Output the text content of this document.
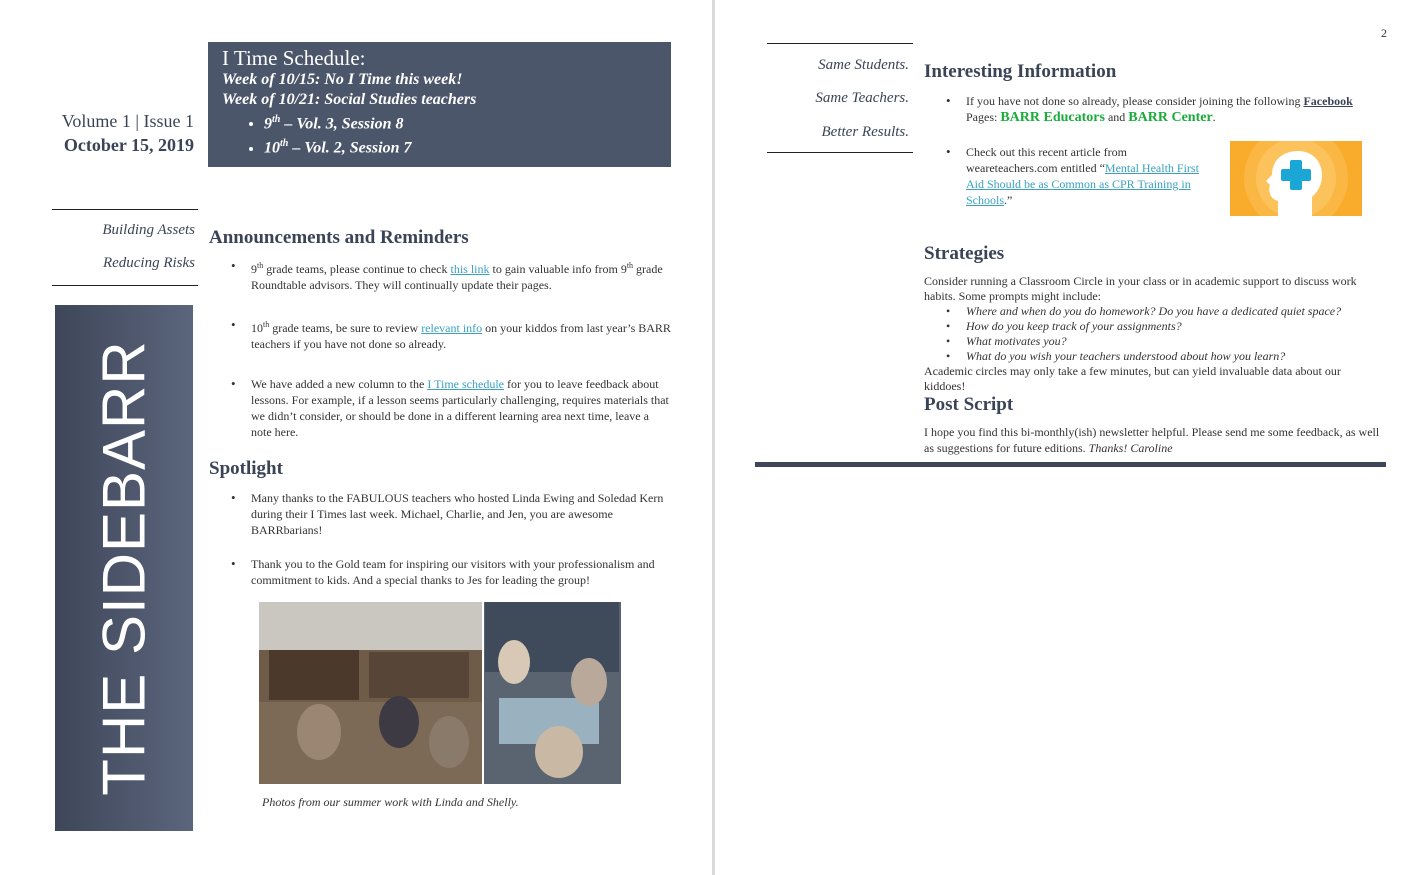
I Time Schedule:
Week of 10/15: No I Time this week!
Week of 10/21: Social Studies teachers
• 9th – Vol. 3, Session 8
• 10th – Vol. 2, Session 7
Volume 1 | Issue 1
October 15, 2019
Building Assets
Reducing Risks
THE SIDEBARR
Announcements and Reminders
• 9th grade teams, please continue to check this link to gain valuable info from 9th grade Roundtable advisors. They will continually update their pages.
• 10th grade teams, be sure to review relevant info on your kiddos from last year’s BARR teachers if you have not done so already.
• We have added a new column to the I Time schedule for you to leave feedback about lessons. For example, if a lesson seems particularly challenging, requires materials that we didn’t consider, or should be done in a different learning area next time, leave a note here.
Spotlight
• Many thanks to the FABULOUS teachers who hosted Linda Ewing and Soledad Kern during their I Times last week. Michael, Charlie, and Jen, you are awesome BARRbarians!
• Thank you to the Gold team for inspiring our visitors with your professionalism and commitment to kids. And a special thanks to Jes for leading the group!
Photos from our summer work with Linda and Shelly.
2
Same Students.
Same Teachers.
Better Results.
Interesting Information
• If you have not done so already, please consider joining the following Facebook Pages: BARR Educators and BARR Center.
• Check out this recent article from weareteachers.com entitled “Mental Health First Aid Should be as Common as CPR Training in Schools.”
Strategies
Consider running a Classroom Circle in your class or in academic support to discuss work habits. Some prompts might include:
• Where and when do you do homework? Do you have a dedicated quiet space?
• How do you keep track of your assignments?
• What motivates you?
• What do you wish your teachers understood about how you learn?
Academic circles may only take a few minutes, but can yield invaluable data about our kiddoes!
Post Script
I hope you find this bi-monthly(ish) newsletter helpful. Please send me some feedback, as well as suggestions for future editions. Thanks! Caroline
